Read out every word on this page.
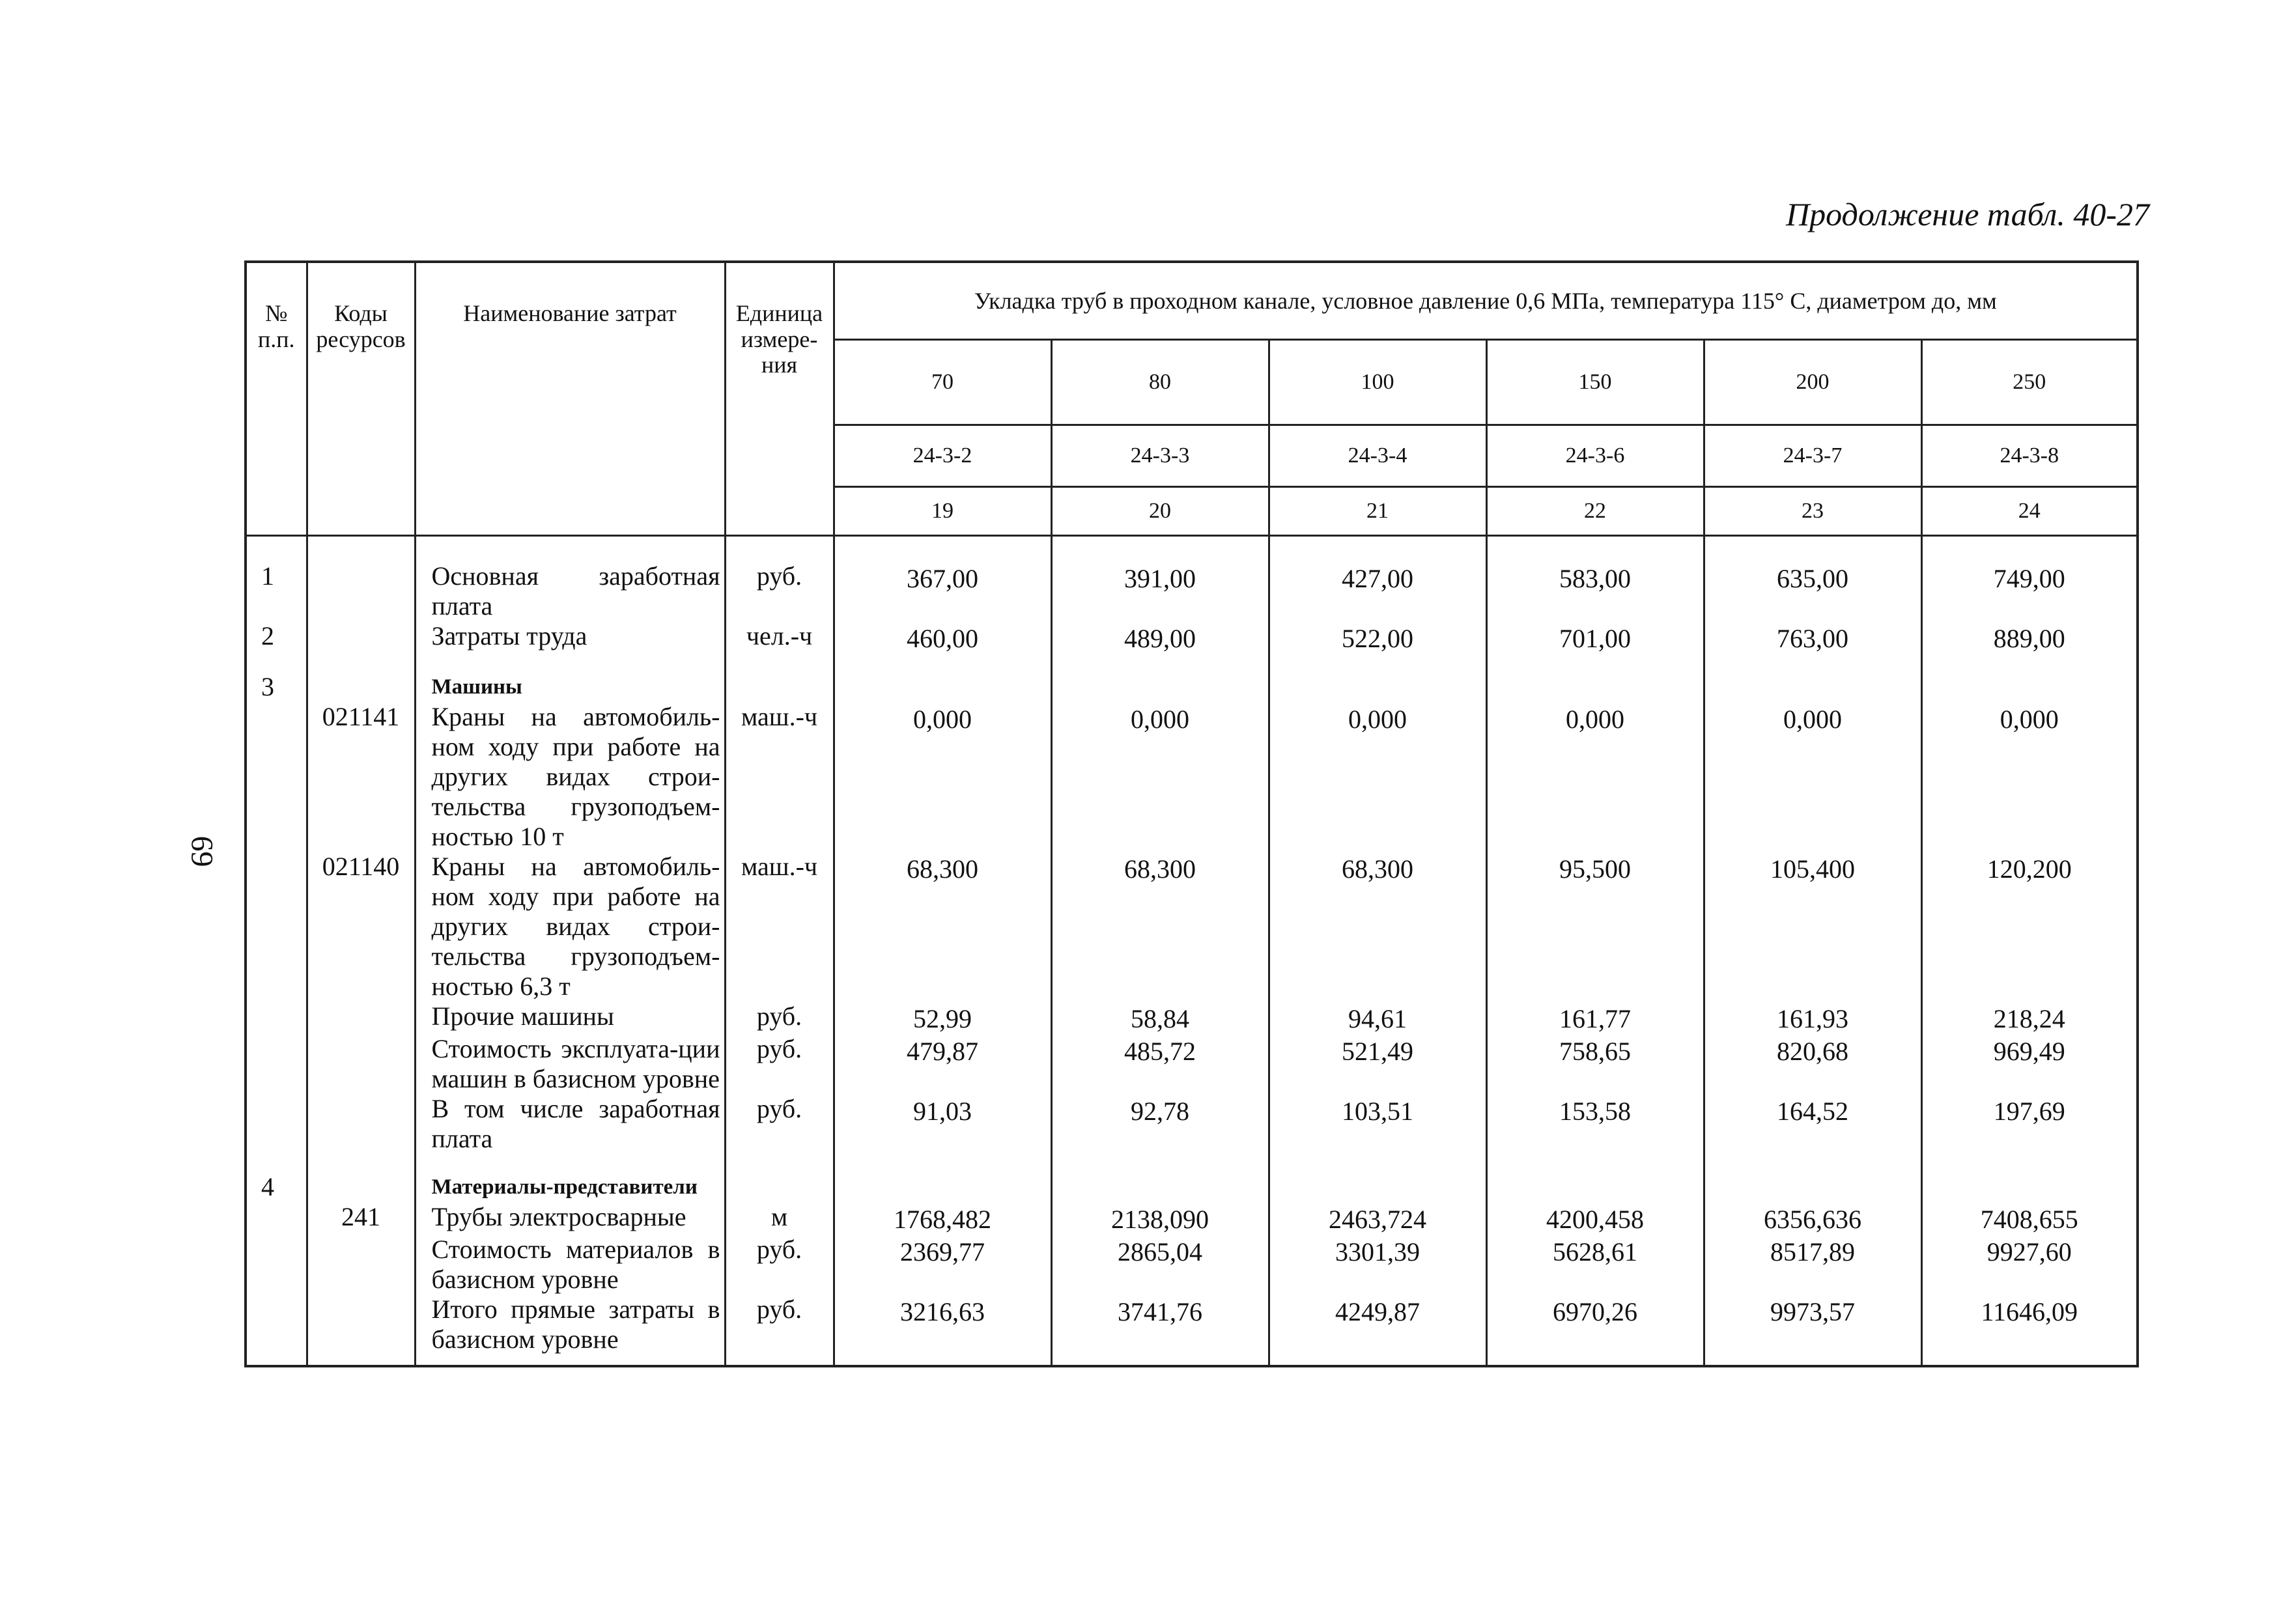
Продолжение табл. 40-27
69
№ п.п.	Коды ресурсов	Наименование затрат	Единица измере-ния	Укладка труб в проходном канале, условное давление 0,6 МПа, температура 115° С, диаметром до, мм					
				70	80	100	150	200	250
				24-3-2	24-3-3	24-3-4	24-3-6	24-3-7	24-3-8
				19	20	21	22	23	24

1		Основная заработная плата	руб.	367,00	391,00	427,00	583,00	635,00	749,00
2		Затраты труда	чел.-ч	460,00	489,00	522,00	701,00	763,00	889,00
3		Машины							
	021141	Краны на автомобиль-ном ходу при работе на других видах строи-тельства грузоподъем-ностью 10 т	маш.-ч	0,000	0,000	0,000	0,000	0,000	0,000
	021140	Краны на автомобиль-ном ходу при работе на других видах строи-тельства грузоподъем-ностью 6,3 т	маш.-ч	68,300	68,300	68,300	95,500	105,400	120,200
		Прочие машины	руб.	52,99	58,84	94,61	161,77	161,93	218,24
		Стоимость эксплуата-ции машин в базисном уровне	руб.	479,87	485,72	521,49	758,65	820,68	969,49
		В том числе заработная плата	руб.	91,03	92,78	103,51	153,58	164,52	197,69
4		Материалы-представители							
	241	Трубы электросварные	м	1768,482	2138,090	2463,724	4200,458	6356,636	7408,655
		Стоимость материалов в базисном уровне	руб.	2369,77	2865,04	3301,39	5628,61	8517,89	9927,60
		Итого прямые затраты в базисном уровне	руб.	3216,63	3741,76	4249,87	6970,26	9973,57	11646,09
